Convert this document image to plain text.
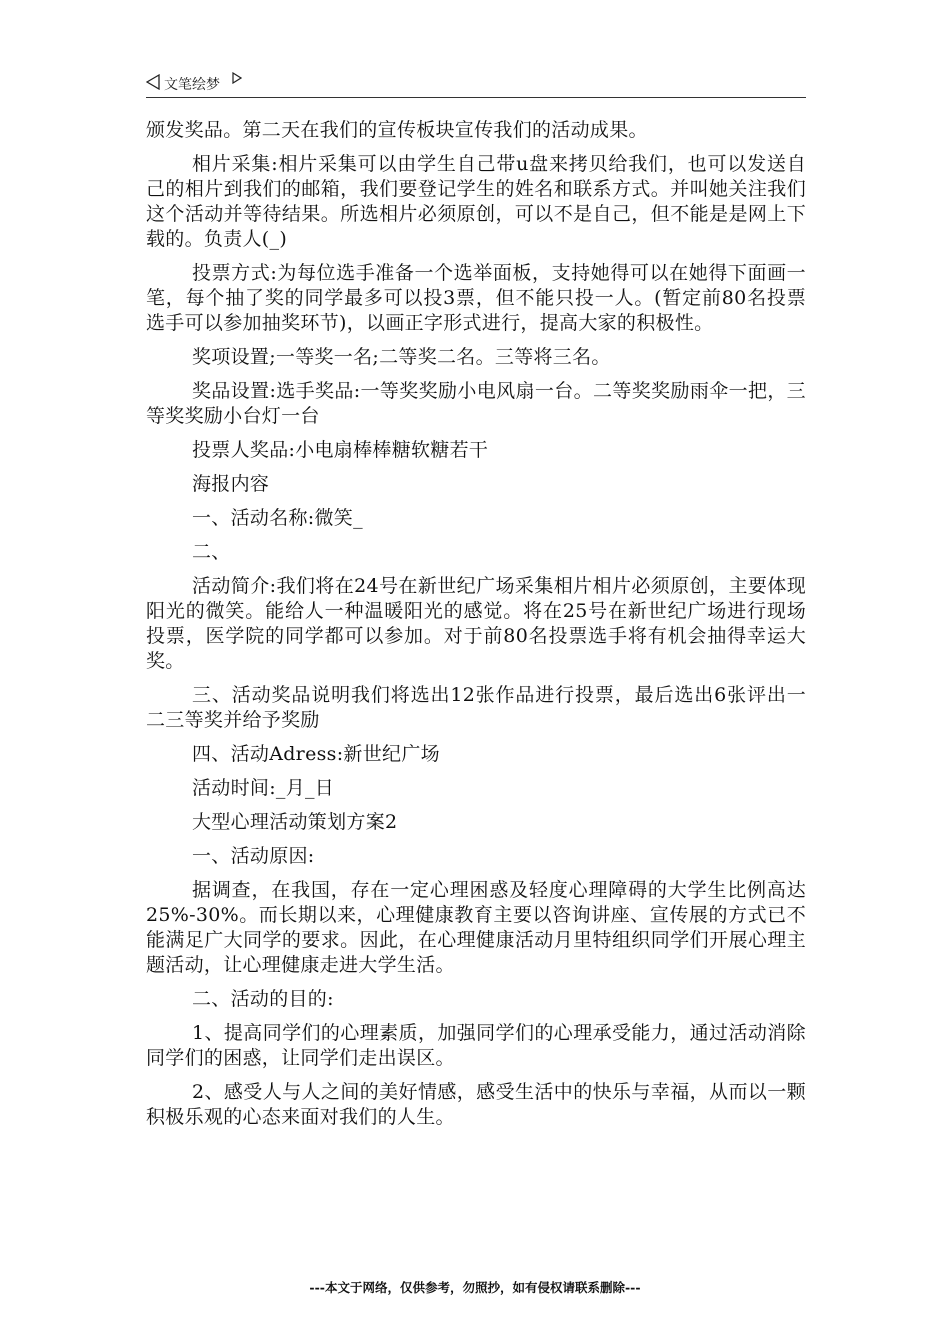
文笔绘梦

颁发奖品。第二天在我们的宣传板块宣传我们的活动成果。

相片采集:相片采集可以由学生自己带u盘来拷贝给我们，也可以发送自己的相片到我们的邮箱，我们要登记学生的姓名和联系方式。并叫她关注我们这个活动并等待结果。所选相片必须原创，可以不是自己，但不能是是网上下载的。负责人(_)

投票方式:为每位选手准备一个选举面板，支持她得可以在她得下面画一笔，每个抽了奖的同学最多可以投3票，但不能只投一人。(暂定前80名投票选手可以参加抽奖环节)，以画正字形式进行，提高大家的积极性。

奖项设置;一等奖一名;二等奖二名。三等将三名。

奖品设置:选手奖品:一等奖奖励小电风扇一台。二等奖奖励雨伞一把，三等奖奖励小台灯一台

投票人奖品:小电扇棒棒糖软糖若干

海报内容

一、活动名称:微笑_

二、

活动简介:我们将在24号在新世纪广场采集相片相片必须原创，主要体现阳光的微笑。能给人一种温暖阳光的感觉。将在25号在新世纪广场进行现场投票，医学院的同学都可以参加。对于前80名投票选手将有机会抽得幸运大奖。

三、活动奖品说明我们将选出12张作品进行投票，最后选出6张评出一二三等奖并给予奖励

四、活动Adress:新世纪广场

活动时间:_月_日

大型心理活动策划方案2

一、活动原因:

据调查，在我国，存在一定心理困惑及轻度心理障碍的大学生比例高达25%-30%。而长期以来，心理健康教育主要以咨询讲座、宣传展的方式已不能满足广大同学的要求。因此，在心理健康活动月里特组织同学们开展心理主题活动，让心理健康走进大学生活。

二、活动的目的:

1、提高同学们的心理素质，加强同学们的心理承受能力，通过活动消除同学们的困惑，让同学们走出误区。

2、感受人与人之间的美好情感，感受生活中的快乐与幸福，从而以一颗积极乐观的心态来面对我们的人生。

---本文于网络，仅供参考，勿照抄，如有侵权请联系删除---
